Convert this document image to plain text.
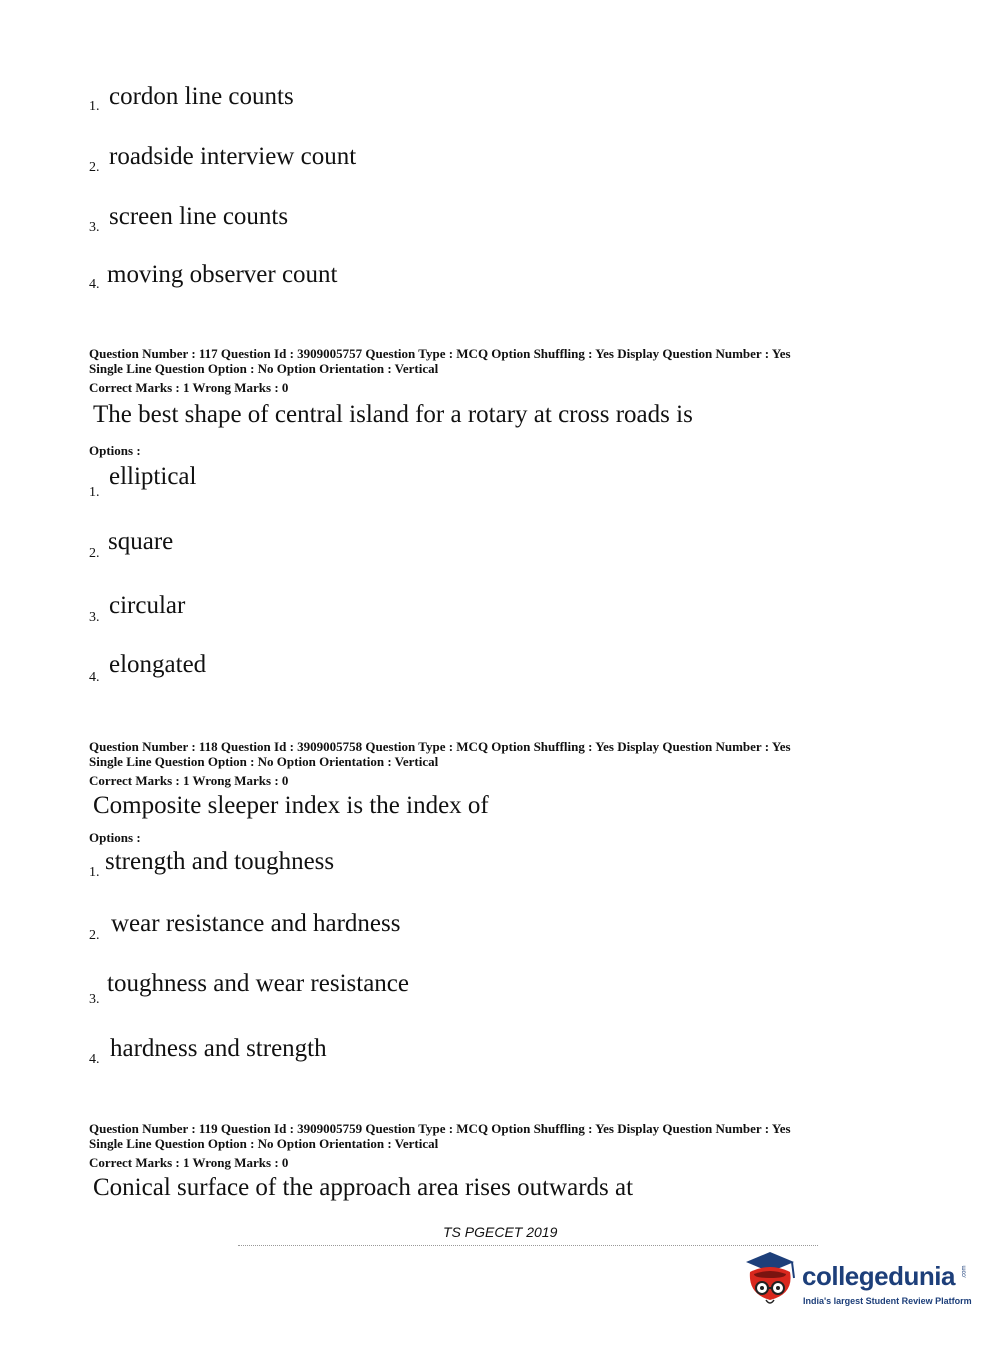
1. cordon line counts
2. roadside interview count
3. screen line counts
4. moving observer count
Question Number : 117 Question Id : 3909005757 Question Type : MCQ Option Shuffling : Yes Display Question Number : Yes
Single Line Question Option : No Option Orientation : Vertical
Correct Marks : 1 Wrong Marks : 0
The best shape of central island for a rotary at cross roads is
Options :
1.
elliptical
2. square
3. circular
4. elongated
Question Number : 118 Question Id : 3909005758 Question Type : MCQ Option Shuffling : Yes Display Question Number : Yes
Single Line Question Option : No Option Orientation : Vertical
Correct Marks : 1 Wrong Marks : 0
Composite sleeper index is the index of
Options :
1. strength and toughness
2. wear resistance and hardness
3.
toughness and wear resistance
4. hardness and strength
Question Number : 119 Question Id : 3909005759 Question Type : MCQ Option Shuffling : Yes Display Question Number : Yes
Single Line Question Option : No Option Orientation : Vertical
Correct Marks : 1 Wrong Marks : 0
Conical surface of the approach area rises outwards at
TS PGECET 2019
collegedunia .com
India's largest Student Review Platform
